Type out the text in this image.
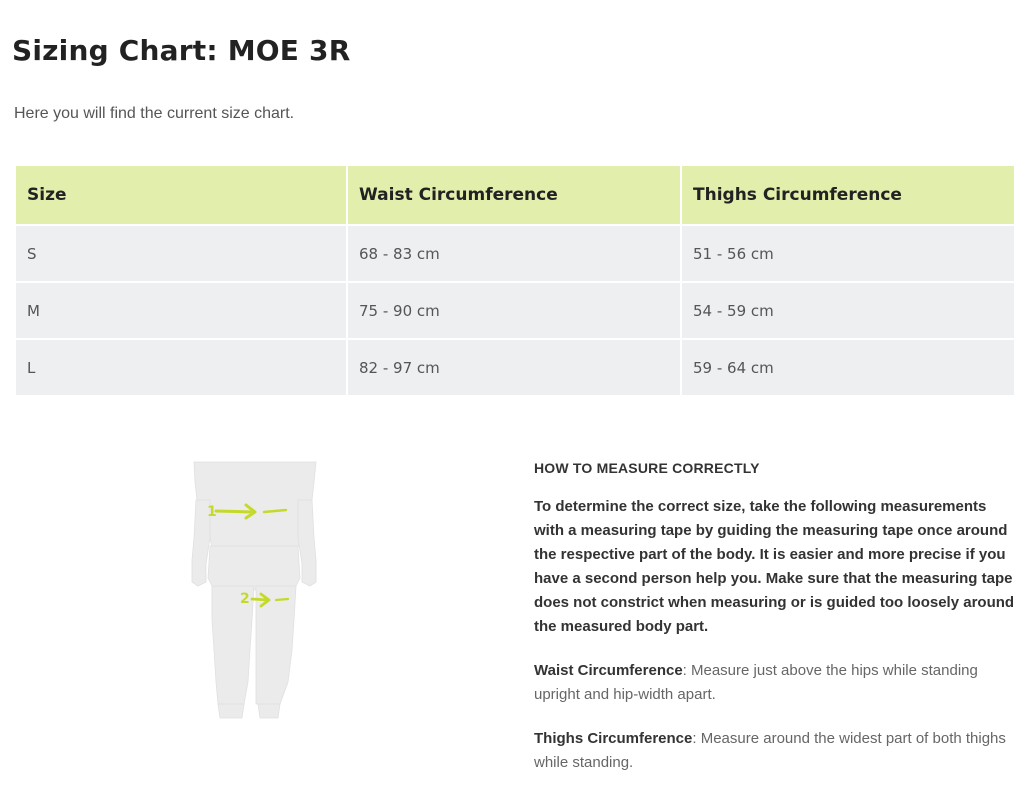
Sizing Chart: MOE 3R

Here you will find the current size chart.

Size	Waist Circumference	Thighs Circumference
S	68 - 83 cm	51 - 56 cm
M	75 - 90 cm	54 - 59 cm
L	82 - 97 cm	59 - 64 cm
1
2

HOW TO MEASURE CORRECTLY

To determine the correct size, take the following measurements with a measuring tape by guiding the measuring tape once around the respective part of the body. It is easier and more precise if you have a second person help you. Make sure that the measuring tape does not constrict when measuring or is guided too loosely around the measured body part.

Waist Circumference: Measure just above the hips while standing upright and hip-width apart.

Thighs Circumference: Measure around the widest part of both thighs while standing.
